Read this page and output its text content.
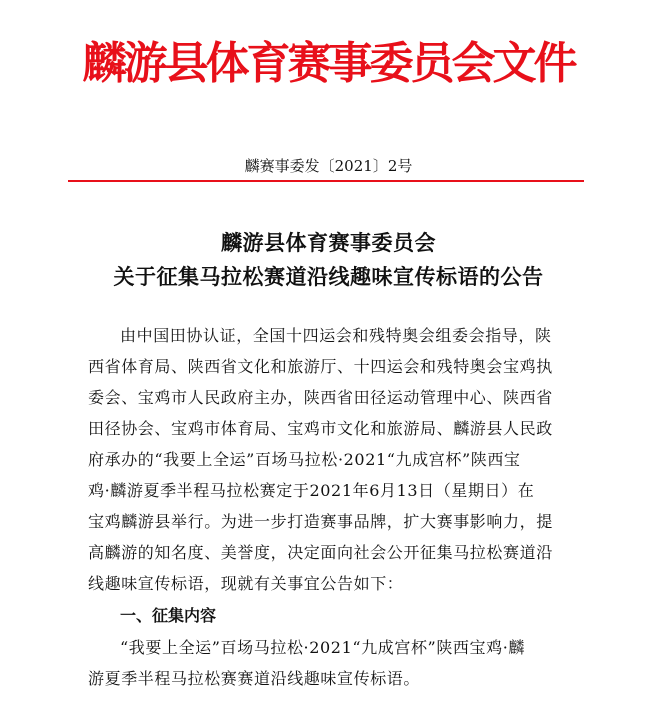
麟游县体育赛事委员会文件
麟赛事委发〔2021〕2号
麟游县体育赛事委员会
关于征集马拉松赛道沿线趣味宣传标语的公告
由中国田协认证，全国十四运会和残特奥会组委会指导，陕
西省体育局、陕西省文化和旅游厅、十四运会和残特奥会宝鸡执
委会、宝鸡市人民政府主办，陕西省田径运动管理中心、陕西省
田径协会、宝鸡市体育局、宝鸡市文化和旅游局、麟游县人民政
府承办的“我要上全运”百场马拉松·2021“九成宫杯”陕西宝
鸡·麟游夏季半程马拉松赛定于2021年6月13日（星期日）在
宝鸡麟游县举行。为进一步打造赛事品牌，扩大赛事影响力，提
高麟游的知名度、美誉度，决定面向社会公开征集马拉松赛道沿
线趣味宣传标语，现就有关事宜公告如下：
一、征集内容
“我要上全运”百场马拉松·2021“九成宫杯”陕西宝鸡·麟
游夏季半程马拉松赛赛道沿线趣味宣传标语。
